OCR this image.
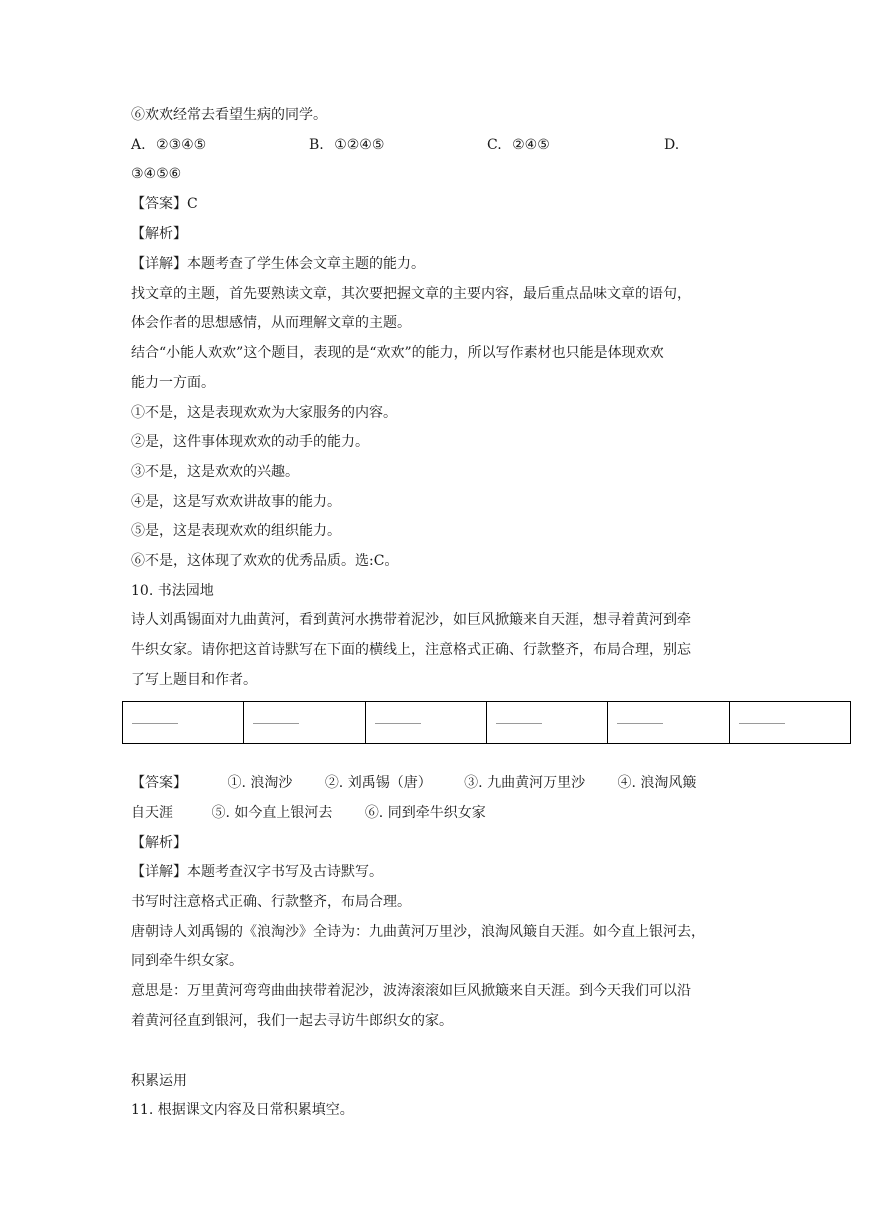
⑥欢欢经常去看望生病的同学。
A. ②③④⑤	B. ①②④⑤	C. ②④⑤	D.
③④⑤⑥
【答案】C
【解析】
【详解】本题考查了学生体会文章主题的能力。
找文章的主题，首先要熟读文章，其次要把握文章的主要内容，最后重点品味文章的语句，
体会作者的思想感情，从而理解文章的主题。
结合“小能人欢欢”这个题目，表现的是“欢欢”的能力，所以写作素材也只能是体现欢欢
能力一方面。
①不是，这是表现欢欢为大家服务的内容。
②是，这件事体现欢欢的动手的能力。
③不是，这是欢欢的兴趣。
④是，这是写欢欢讲故事的能力。
⑤是，这是表现欢欢的组织能力。
⑥不是，这体现了欢欢的优秀品质。选:C。
10. 书法园地
诗人刘禹锡面对九曲黄河，看到黄河水携带着泥沙，如巨风掀簸来自天涯，想寻着黄河到牵
牛织女家。请你把这首诗默写在下面的横线上，注意格式正确、行款整齐，布局合理，别忘
了写上题目和作者。

【答案】	①. 浪淘沙 ②. 刘禹锡（唐） ③. 九曲黄河万里沙 ④. 浪淘风簸
自天涯	⑤. 如今直上银河去 ⑥. 同到牵牛织女家
【解析】
【详解】本题考查汉字书写及古诗默写。
书写时注意格式正确、行款整齐，布局合理。
唐朝诗人刘禹锡的《浪淘沙》全诗为：九曲黄河万里沙，浪淘风簸自天涯。如今直上银河去，
同到牵牛织女家。
意思是：万里黄河弯弯曲曲挟带着泥沙，波涛滚滚如巨风掀簸来自天涯。到今天我们可以沿
着黄河径直到银河，我们一起去寻访牛郎织女的家。
积累运用
11. 根据课文内容及日常积累填空。
